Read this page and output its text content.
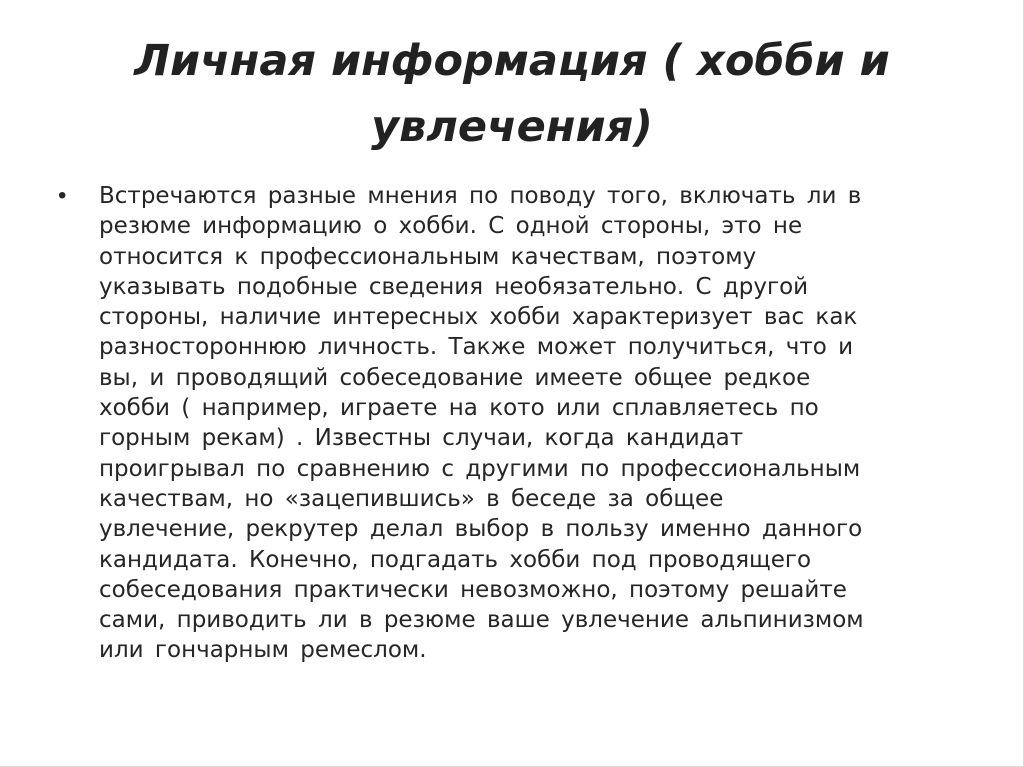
Личная информация ( хобби и
увлечения)
• Встречаются разные мнения по поводу того, включать ли в
резюме информацию о хобби. С одной стороны, это не
относится к профессиональным качествам, поэтому
указывать подобные сведения необязательно. С другой
стороны, наличие интересных хобби характеризует вас как
разностороннюю личность. Также может получиться, что и
вы, и проводящий собеседование имеете общее редкое
хобби ( например, играете на кото или сплавляетесь по
горным рекам) . Известны случаи, когда кандидат
проигрывал по сравнению с другими по профессиональным
качествам, но «зацепившись» в беседе за общее
увлечение, рекрутер делал выбор в пользу именно данного
кандидата. Конечно, подгадать хобби под проводящего
собеседования практически невозможно, поэтому решайте
сами, приводить ли в резюме ваше увлечение альпинизмом
или гончарным ремеслом.
